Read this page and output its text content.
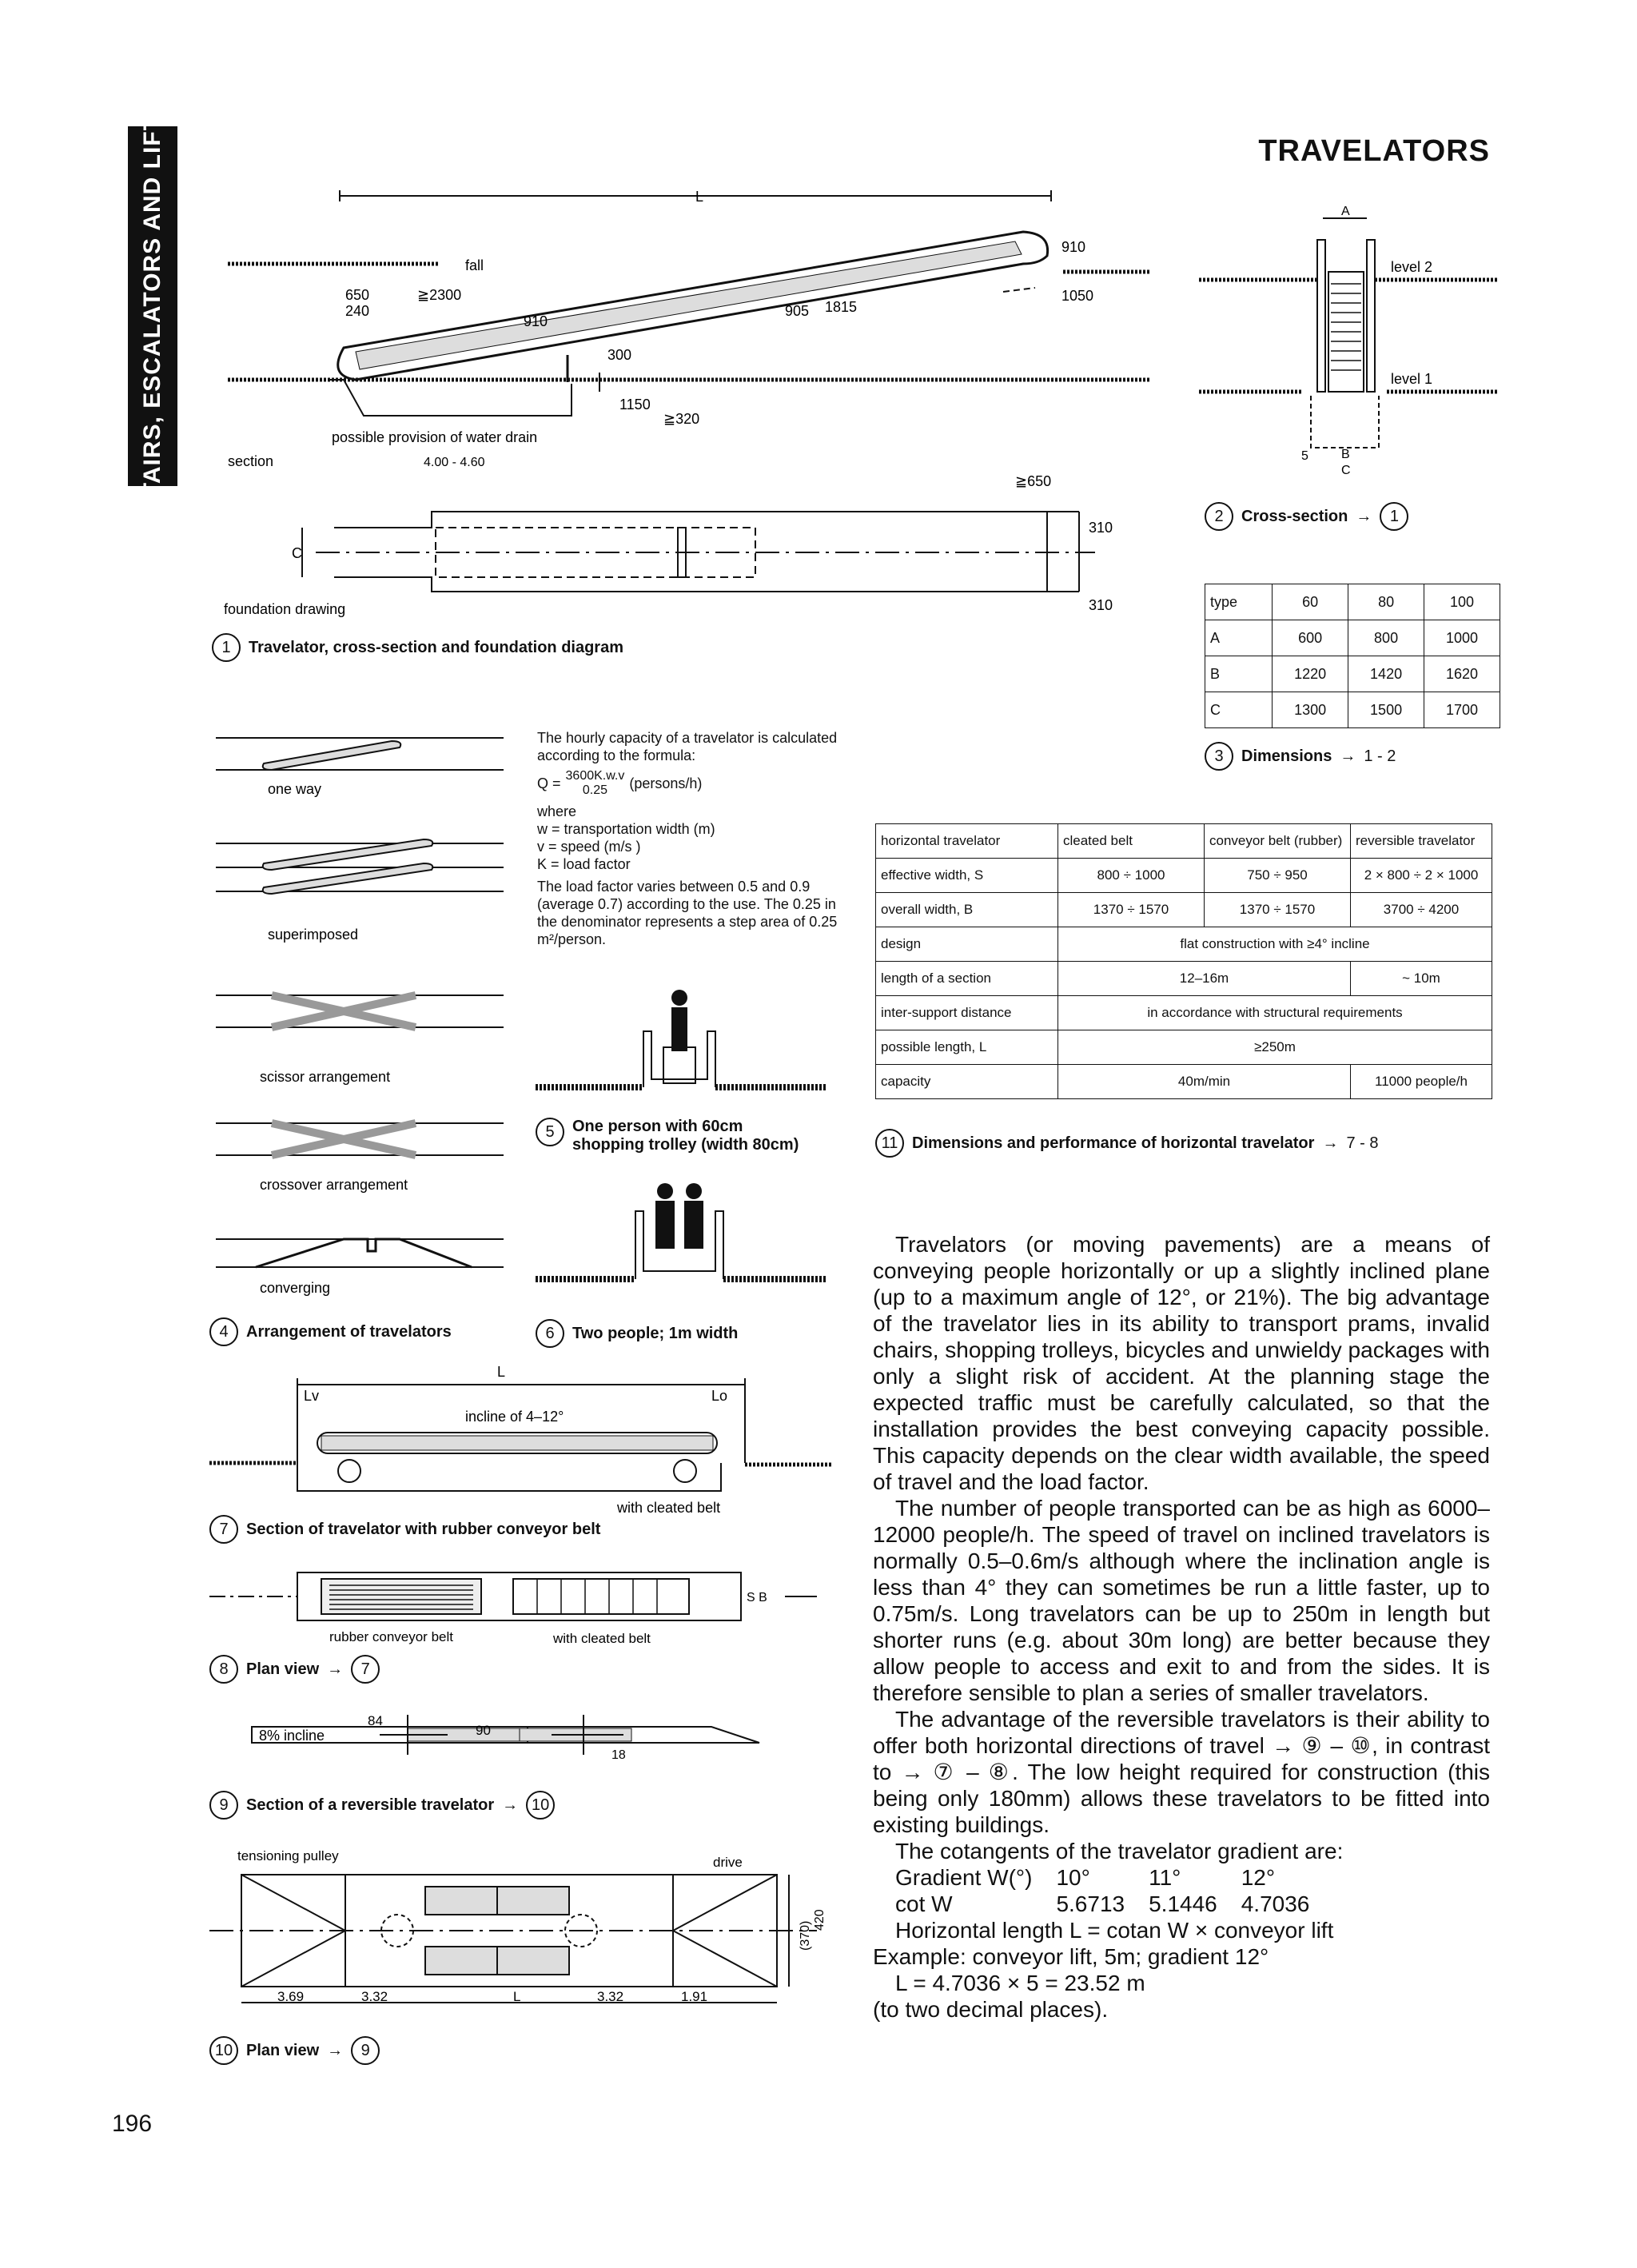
STAIRS, ESCALATORS AND LIFTS	TRAVELATORS
L
fall
650
240
≧2300
910
905 1815
910
1050
300
1150
≧320
possible provision of water drain
section	4.00 - 4.60
≧650
C
310
310
foundation drawing
1	Travelator, cross-section and foundation diagram
A
level 2
level 1
5	B
C
2	Cross-section →	1
type	60	80	100
A	600	800	1000
B	1220	1420	1620
C	1300	1500	1700
3	Dimensions → 1 - 2
one way
superimposed
scissor arrangement
crossover arrangement
converging
4	Arrangement of travelators
The hourly capacity of a travelator is calculated according to the formula:
Q = 3600K.w.v
0.25 (persons/h)
where
w = transportation width (m)
v = speed (m/s )
K = load factor
The load factor varies between 0.5 and 0.9 (average 0.7) according to the use. The 0.25 in the denominator represents a step area of 0.25 m²/person.
5	One person with 60cm
shopping trolley (width 80cm)
6	Two people; 1m width
L
Lv	Lo
incline of 4–12°
with cleated belt
7	Section of travelator with rubber conveyor belt
rubber conveyor belt	with cleated belt
S B
8	Plan view →	7
8% incline
84
90
18
9	Section of a reversible travelator → 10
tensioning pulley	drive
3.69	3.32	L	3.32	1.91
(370)
420
10 Plan view →	9
horizontal travelator	cleated belt	conveyor belt (rubber)	reversible travelator
effective width, S	800 ÷ 1000	750 ÷ 950	2 × 800 ÷ 2 × 1000
overall width, B	1370 ÷ 1570	1370 ÷ 1570	3700 ÷ 4200
design	flat construction with ≥4° incline		
length of a section	12–16m		~ 10m
inter-support distance	in accordance with structural requirements		
possible length, L	≥250m		
capacity	40m/min		11000 people/h
11 Dimensions and performance of horizontal travelator → 7 - 8

Travelators (or moving pavements) are a means of conveying people horizontally or up a slightly inclined plane (up to a maximum angle of 12°, or 21%). The big advantage of the travelator lies in its ability to transport prams, invalid chairs, shopping trolleys, bicycles and unwieldy packages with only a slight risk of accident. At the planning stage the expected traffic must be carefully calculated, so that the installation provides the best conveying capacity possible. This capacity depends on the clear width available, the speed of travel and the load factor.

The number of people transported can be as high as 6000–12000 people/h. The speed of travel on inclined travelators is normally 0.5–0.6m/s although where the inclination angle is less than 4° they can sometimes be run a little faster, up to 0.75m/s. Long travelators can be up to 250m in length but shorter runs (e.g. about 30m long) are better because they allow people to access and exit to and from the sides. It is therefore sensible to plan a series of smaller travelators.

The advantage of the reversible travelators is their ability to offer both horizontal directions of travel → ⑨ – ⑩, in contrast to → ⑦ – ⑧. The low height required for construction (this being only 180mm) allows these travelators to be fitted into existing buildings.

The cotangents of the travelator gradient are:

Gradient W(°)	10°	11°	12°
cot W	5.6713	5.1446	4.7036

Horizontal length L = cotan W × conveyor lift

Example: conveyor lift, 5m; gradient 12°
L = 4.7036 × 5 = 23.52 m
(to two decimal places).
196
